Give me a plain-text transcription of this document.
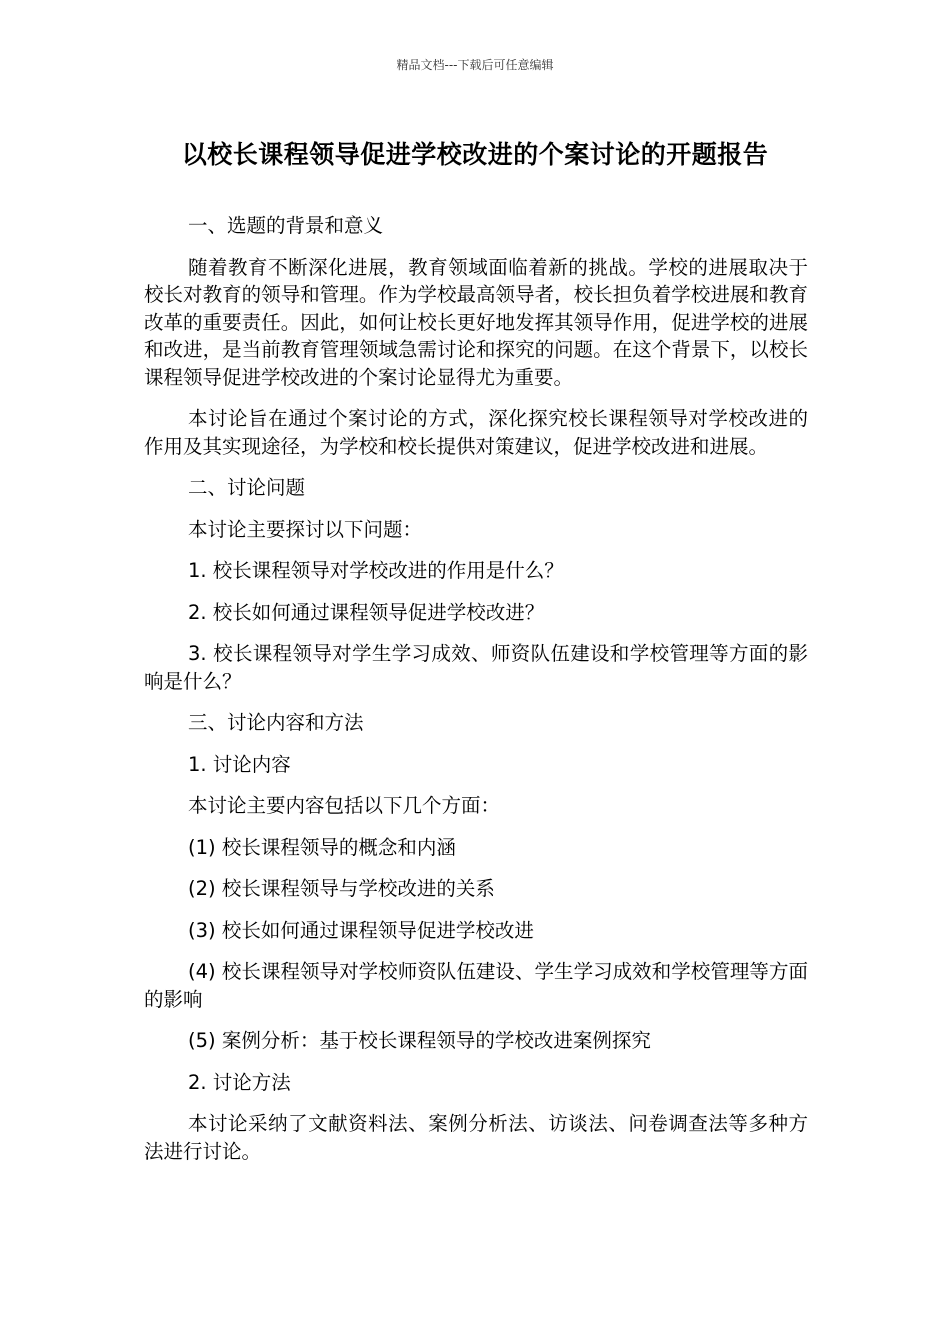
精品文档---下载后可任意编辑
以校长课程领导促进学校改进的个案讨论的开题报告

一、选题的背景和意义

随着教育不断深化进展，教育领域面临着新的挑战。学校的进展取决于校长对教育的领导和管理。作为学校最高领导者，校长担负着学校进展和教育改革的重要责任。因此，如何让校长更好地发挥其领导作用，促进学校的进展和改进，是当前教育管理领域急需讨论和探究的问题。在这个背景下，以校长课程领导促进学校改进的个案讨论显得尤为重要。

本讨论旨在通过个案讨论的方式，深化探究校长课程领导对学校改进的作用及其实现途径，为学校和校长提供对策建议，促进学校改进和进展。

二、讨论问题

本讨论主要探讨以下问题：

1. 校长课程领导对学校改进的作用是什么？

2. 校长如何通过课程领导促进学校改进？

3. 校长课程领导对学生学习成效、师资队伍建设和学校管理等方面的影响是什么？

三、讨论内容和方法

1. 讨论内容

本讨论主要内容包括以下几个方面：

(1) 校长课程领导的概念和内涵

(2) 校长课程领导与学校改进的关系

(3) 校长如何通过课程领导促进学校改进

(4) 校长课程领导对学校师资队伍建设、学生学习成效和学校管理等方面的影响

(5) 案例分析：基于校长课程领导的学校改进案例探究

2. 讨论方法

本讨论采纳了文献资料法、案例分析法、访谈法、问卷调查法等多种方法进行讨论。
